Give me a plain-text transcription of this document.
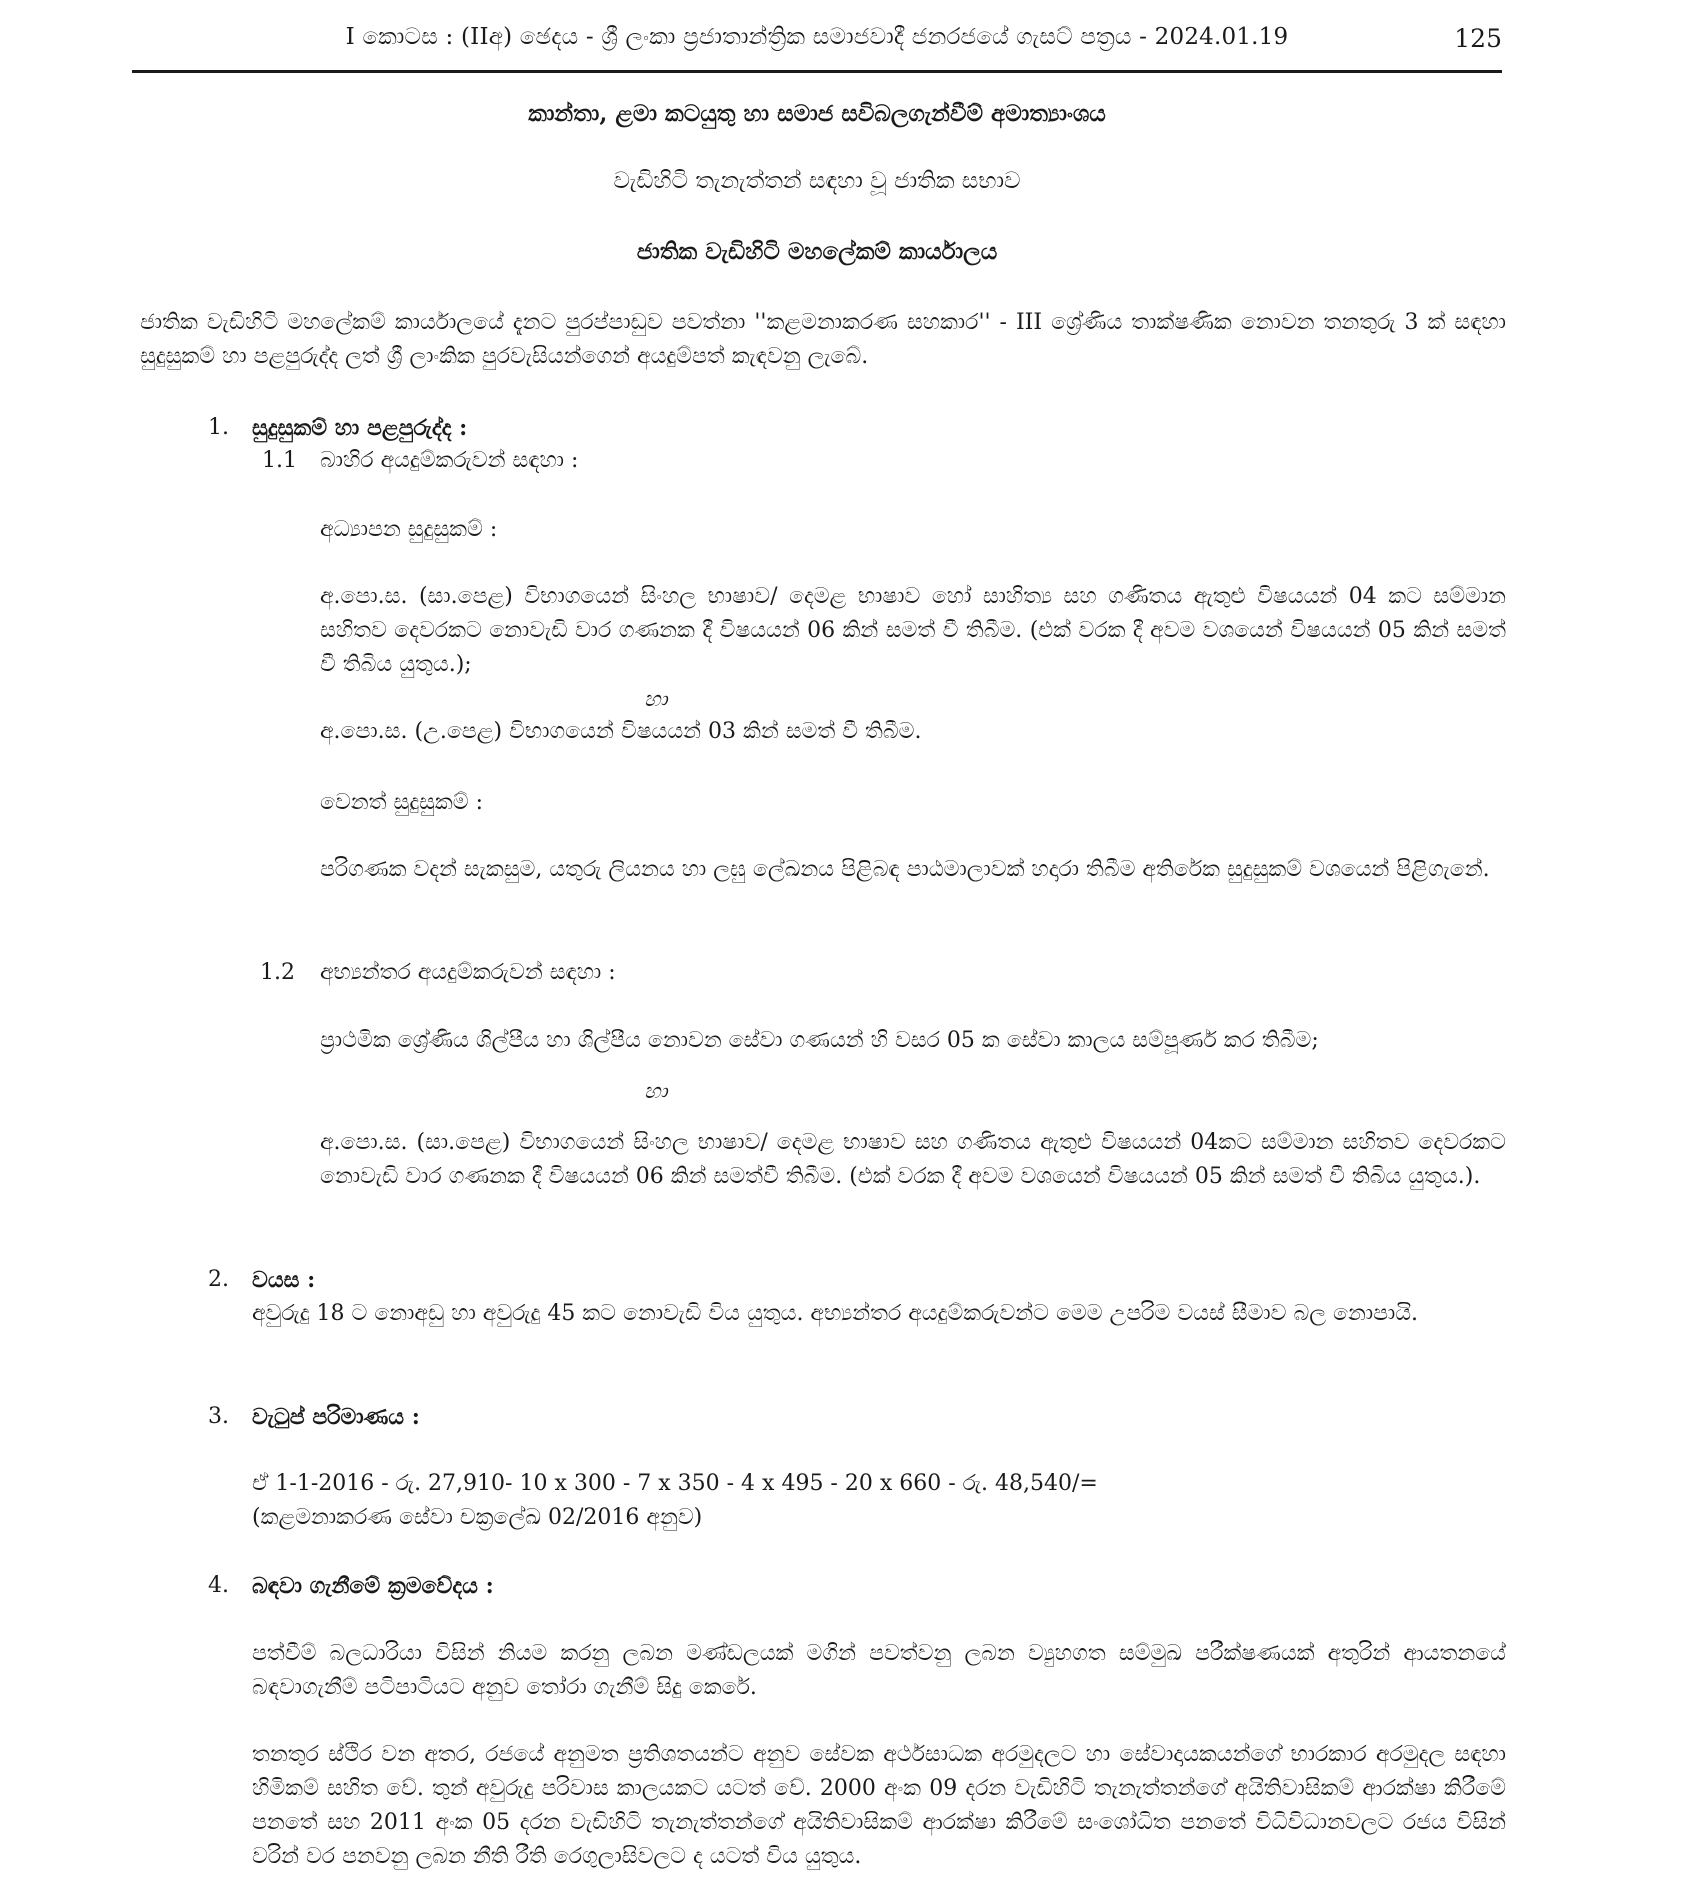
I කොටස : (IIඅ) ඡෙදය - ශ්‍රී ලංකා ප්‍රජාතාන්ත්‍රික සමාජවාදී ජනරජයේ ගැසට් පත්‍රය - 2024.01.19	125
කාන්තා, ළමා කටයුතු හා සමාජ සවිබලගැන්වීම් අමාත්‍යාංශය
වැඩිහිටි තැනැත්තන් සඳහා වූ ජාතික සභාව
ජාතික වැඩිහිටි මහලේකම් කාර්යාලය
ජාතික වැඩිහිටි මහලේකම් කාර්යාලයේ දැනට පුරප්පාඩුව පවත්නා ''කළමනාකරණ සහකාර'' - III ශ්‍රේණිය තාක්ෂණික නොවන තනතුරු 3 ක් සඳහා සුදුසුකම් හා පළපුරුද්ද ලත් ශ්‍රී ලාංකික පුරවැසියන්ගෙන් අයදුම්පත් කැඳවනු ලැබේ.
1. සුදුසුකම් හා පළපුරුද්ද :
1.1 බාහිර අයදුම්කරුවන් සඳහා :
අධ්‍යාපන සුදුසුකම් :
අ.පො.ස. (සා.පෙළ) විභාගයෙන් සිංහල භාෂාව/ දෙමළ භාෂාව හෝ සාහිත්‍ය සහ ගණිතය ඇතුළු විෂයයන් 04 කට සම්මාන සහිතව දෙවරකට නොවැඩි වාර ගණනක දී විෂයයන් 06 කින් සමත් වී තිබීම. (එක් වරක දී අවම වශයෙන් විෂයයන් 05 කින් සමත් වී තිබිය යුතුය.);
හා
අ.පො.ස. (උ.පෙළ) විභාගයෙන් විෂයයන් 03 කින් සමත් වී තිබීම.
වෙනත් සුදුසුකම් :
පරිගණක වදන් සැකසුම, යතුරු ලියනය හා ලඝු ලේඛනය පිළිබඳ පාඨමාලාවක් හදාරා තිබීම අතිරේක සුදුසුකම් වශයෙන් පිළිගැනේ.
1.2 අභ්‍යන්තර අයදුම්කරුවන් සඳහා :
ප්‍රාථමික ශ්‍රේණිය ශිල්පීය හා ශිල්පීය නොවන සේවා ගණයන් හි වසර 05 ක සේවා කාලය සම්පූර්ණ කර තිබීම;
හා
අ.පො.ස. (සා.පෙළ) විභාගයෙන් සිංහල භාෂාව/ දෙමළ භාෂාව සහ ගණිතය ඇතුළු විෂයයන් 04කට සම්මාන සහිතව දෙවරකට නොවැඩි වාර ගණනක දී විෂයයන් 06 කින් සමත්වී තිබීම. (එක් වරක දී අවම වශයෙන් විෂයයන් 05 කින් සමත් වී තිබිය යුතුය.).
2. වයස :
අවුරුදු 18 ට නොඅඩු හා අවුරුදු 45 කට නොවැඩි විය යුතුය. අභ්‍යන්තර අයදුම්කරුවන්ට මෙම උපරිම වයස් සීමාව බල නොපායි.
3. වැටුප් පරිමාණය :
ඒ 1-1-2016 - රු. 27,910- 10 x 300 - 7 x 350 - 4 x 495 - 20 x 660 - රු. 48,540/=
(කළමනාකරණ සේවා චක්‍රලේඛ 02/2016 අනුව)
4. බඳවා ගැනීමේ ක්‍රමවේදය :
පත්වීම් බලධාරියා විසින් නියම කරනු ලබන මණ්ඩලයක් මගින් පවත්වනු ලබන ව්‍යුහගත සම්මුඛ පරීක්ෂණයක් අතුරින් ආයතනයේ බඳවාගැනීම් පටිපාටියට අනුව තෝරා ගැනීම් සිදු කෙරේ.
තනතුර ස්ථිර වන අතර, රජයේ අනුමත ප්‍රතිශතයන්ට අනුව සේවක අර්ථසාධක අරමුදලට හා සේවාදායකයන්ගේ භාරකාර අරමුදල සඳහා හිමිකම් සහිත වේ. තුන් අවුරුදු පරිවාස කාලයකට යටත් වේ. 2000 අංක 09 දරන වැඩිහිටි තැනැත්තන්ගේ අයිතිවාසිකම් ආරක්ෂා කිරීමේ පනතේ සහ 2011 අංක 05 දරන වැඩිහිටි තැනැත්තන්ගේ අයිතිවාසිකම් ආරක්ෂා කිරීමේ සංශෝධිත පනතේ විධිවිධානවලට රජය විසින් වරින් වර පනවනු ලබන නීති රීති රෙගුලාසිවලට ද යටත් විය යුතුය.
